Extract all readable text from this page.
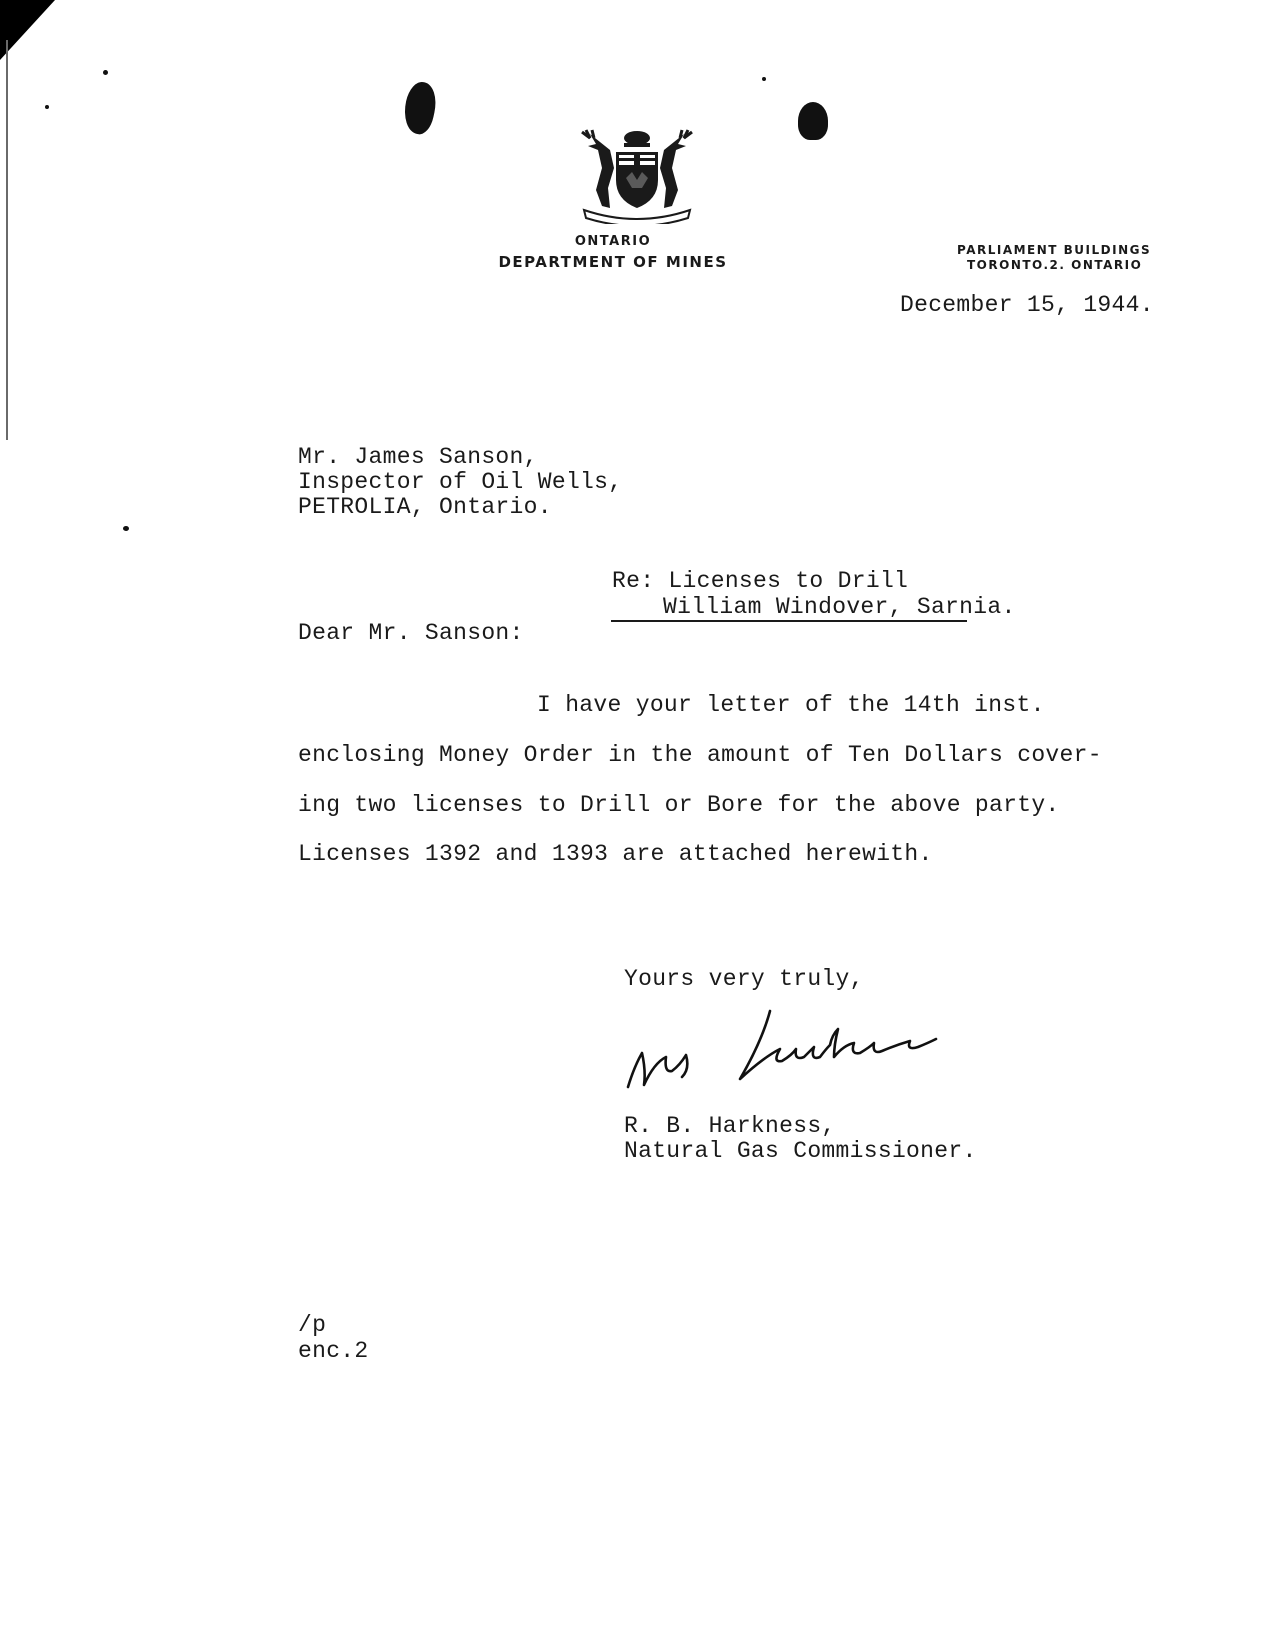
ONTARIO
DEPARTMENT OF MINES
PARLIAMENT BUILDINGS
TORONTO.2. ONTARIO
December 15, 1944.
Mr. James Sanson,
Inspector of Oil Wells,
PETROLIA, Ontario.
Re: Licenses to Drill
William Windover, Sarnia.
Dear Mr. Sanson:
I have your letter of the 14th inst.
enclosing Money Order in the amount of Ten Dollars cover-
ing two licenses to Drill or Bore for the above party.
Licenses 1392 and 1393 are attached herewith.
Yours very truly,
R. B. Harkness,
Natural Gas Commissioner.
/p
enc.2
